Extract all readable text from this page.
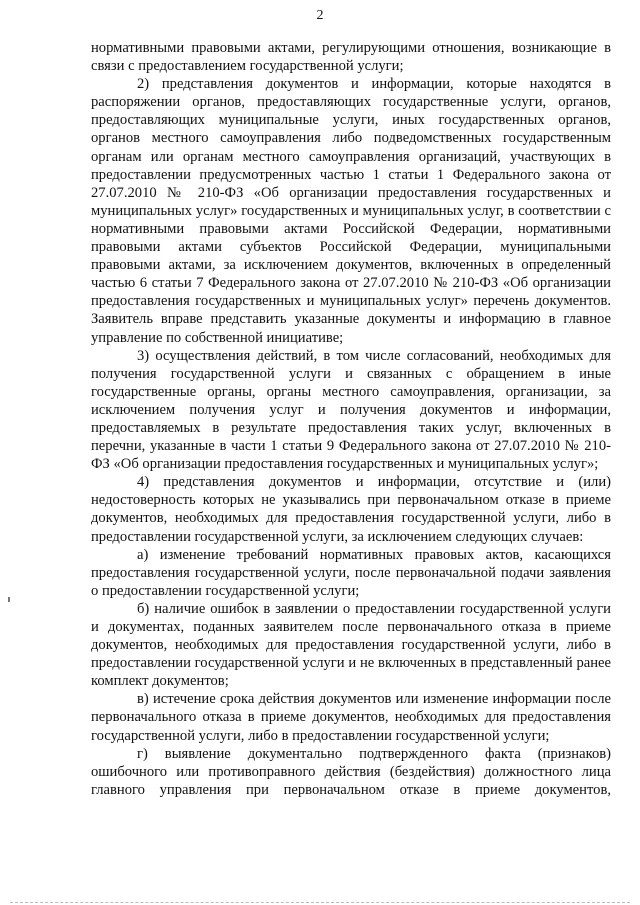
2

нормативными правовыми актами, регулирующими отношения, возникающие в связи с предоставлением государственной услуги;

2) представления документов и информации, которые находятся в распоряжении органов, предоставляющих государственные услуги, органов, предоставляющих муниципальные услуги, иных государственных органов, органов местного самоуправления либо подведомственных государственным органам или органам местного самоуправления организаций, участвующих в предоставлении предусмотренных частью 1 статьи 1 Федерального закона от 27.07.2010 № 210-ФЗ «Об организации предоставления государственных и муниципальных услуг» государственных и муниципальных услуг, в соответствии с нормативными правовыми актами Российской Федерации, нормативными правовыми актами субъектов Российской Федерации, муниципальными правовыми актами, за исключением документов, включенных в определенный частью 6 статьи 7 Федерального закона от 27.07.2010 № 210-ФЗ «Об организации предоставления государственных и муниципальных услуг» перечень документов. Заявитель вправе представить указанные документы и информацию в главное управление по собственной инициативе;

3) осуществления действий, в том числе согласований, необходимых для получения государственной услуги и связанных с обращением в иные государственные органы, органы местного самоуправления, организации, за исключением получения услуг и получения документов и информации, предоставляемых в результате предоставления таких услуг, включенных в перечни, указанные в части 1 статьи 9 Федерального закона от 27.07.2010 № 210-ФЗ «Об организации предоставления государственных и муниципальных услуг»;

4) представления документов и информации, отсутствие и (или) недостоверность которых не указывались при первоначальном отказе в приеме документов, необходимых для предоставления государственной услуги, либо в предоставлении государственной услуги, за исключением следующих случаев:

а) изменение требований нормативных правовых актов, касающихся предоставления государственной услуги, после первоначальной подачи заявления о предоставлении государственной услуги;

б) наличие ошибок в заявлении о предоставлении государственной услуги и документах, поданных заявителем после первоначального отказа в приеме документов, необходимых для предоставления государственной услуги, либо в предоставлении государственной услуги и не включенных в представленный ранее комплект документов;

в) истечение срока действия документов или изменение информации после первоначального отказа в приеме документов, необходимых для предоставления государственной услуги, либо в предоставлении государственной услуги;

г) выявление документально подтвержденного факта (признаков) ошибочного или противоправного действия (бездействия) должностного лица главного управления при первоначальном отказе в приеме документов,
